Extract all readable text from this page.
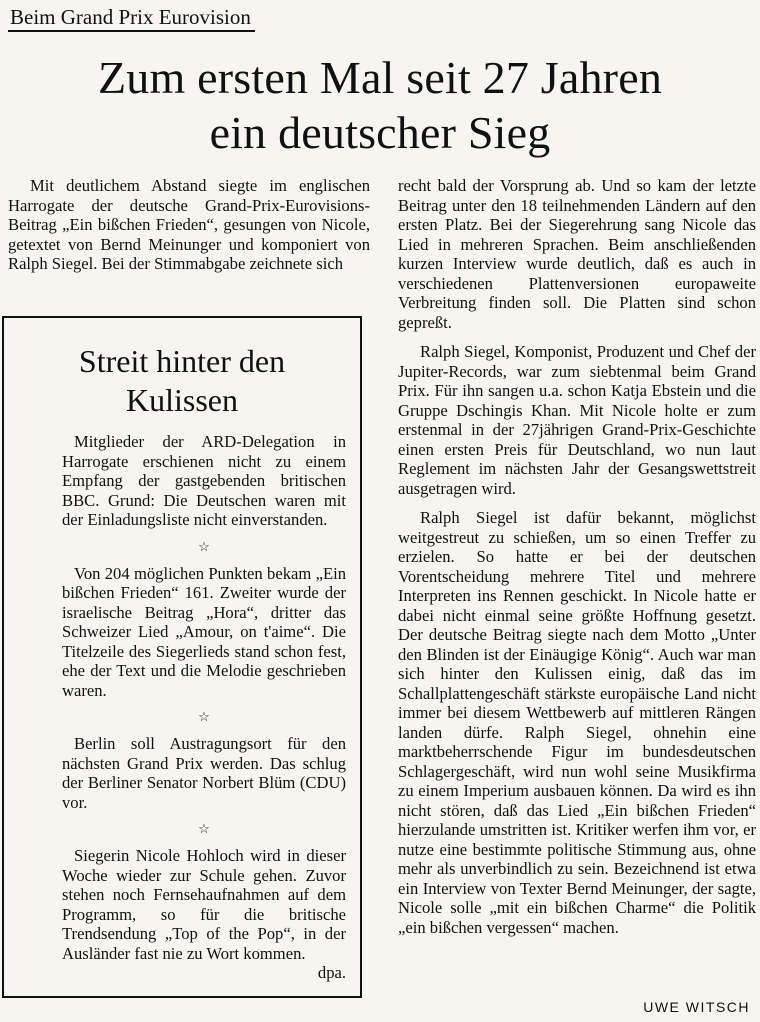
Beim Grand Prix Eurovision
Zum ersten Mal seit 27 Jahren
ein deutscher Sieg

Mit deutlichem Abstand siegte im englischen Harrogate der deutsche Grand-Prix-Eurovisions-Beitrag „Ein bißchen Frieden“, gesungen von Nicole, getextet von Bernd Meinunger und komponiert von Ralph Siegel. Bei der Stimmabgabe zeichnete sich

Streit hinter den
Kulissen

Mitglieder der ARD-Delegation in Harrogate erschienen nicht zu einem Empfang der gastgebenden britischen BBC. Grund: Die Deutschen waren mit der Einladungsliste nicht einverstanden.

☆

Von 204 möglichen Punkten bekam „Ein bißchen Frieden“ 161. Zweiter wurde der israelische Beitrag „Hora“, dritter das Schweizer Lied „Amour, on t'aime“. Die Titelzeile des Siegerlieds stand schon fest, ehe der Text und die Melodie geschrieben waren.

☆

Berlin soll Austragungsort für den nächsten Grand Prix werden. Das schlug der Berliner Senator Norbert Blüm (CDU) vor.

☆

Siegerin Nicole Hohloch wird in dieser Woche wieder zur Schule gehen. Zuvor stehen noch Fernsehaufnahmen auf dem Programm, so für die britische Trendsendung „Top of the Pop“, in der Ausländer fast nie zu Wort kommen.

dpa.

recht bald der Vorsprung ab. Und so kam der letzte Beitrag unter den 18 teilnehmenden Ländern auf den ersten Platz. Bei der Siegerehrung sang Nicole das Lied in mehreren Sprachen. Beim anschließenden kurzen Interview wurde deutlich, daß es auch in verschiedenen Plattenversionen europaweite Verbreitung finden soll. Die Platten sind schon gepreßt.

Ralph Siegel, Komponist, Produzent und Chef der Jupiter-Records, war zum siebtenmal beim Grand Prix. Für ihn sangen u.a. schon Katja Ebstein und die Gruppe Dschingis Khan. Mit Nicole holte er zum erstenmal in der 27jährigen Grand-Prix-Geschichte einen ersten Preis für Deutschland, wo nun laut Reglement im nächsten Jahr der Gesangswettstreit ausgetragen wird.

Ralph Siegel ist dafür bekannt, möglichst weitgestreut zu schießen, um so einen Treffer zu erzielen. So hatte er bei der deutschen Vorentscheidung mehrere Titel und mehrere Interpreten ins Rennen geschickt. In Nicole hatte er dabei nicht einmal seine größte Hoffnung gesetzt. Der deutsche Beitrag siegte nach dem Motto „Unter den Blinden ist der Einäugige König“. Auch war man sich hinter den Kulissen einig, daß das im Schallplattengeschäft stärkste europäische Land nicht immer bei diesem Wettbewerb auf mittleren Rängen landen dürfe. Ralph Siegel, ohnehin eine marktbeherrschende Figur im bundesdeutschen Schlagergeschäft, wird nun wohl seine Musikfirma zu einem Imperium ausbauen können. Da wird es ihn nicht stören, daß das Lied „Ein bißchen Frieden“ hierzulande umstritten ist. Kritiker werfen ihm vor, er nutze eine bestimmte politische Stimmung aus, ohne mehr als unverbindlich zu sein. Bezeichnend ist etwa ein Interview von Texter Bernd Meinunger, der sagte, Nicole solle „mit ein bißchen Charme“ die Politik „ein bißchen vergessen“ machen.

UWE WITSCH
